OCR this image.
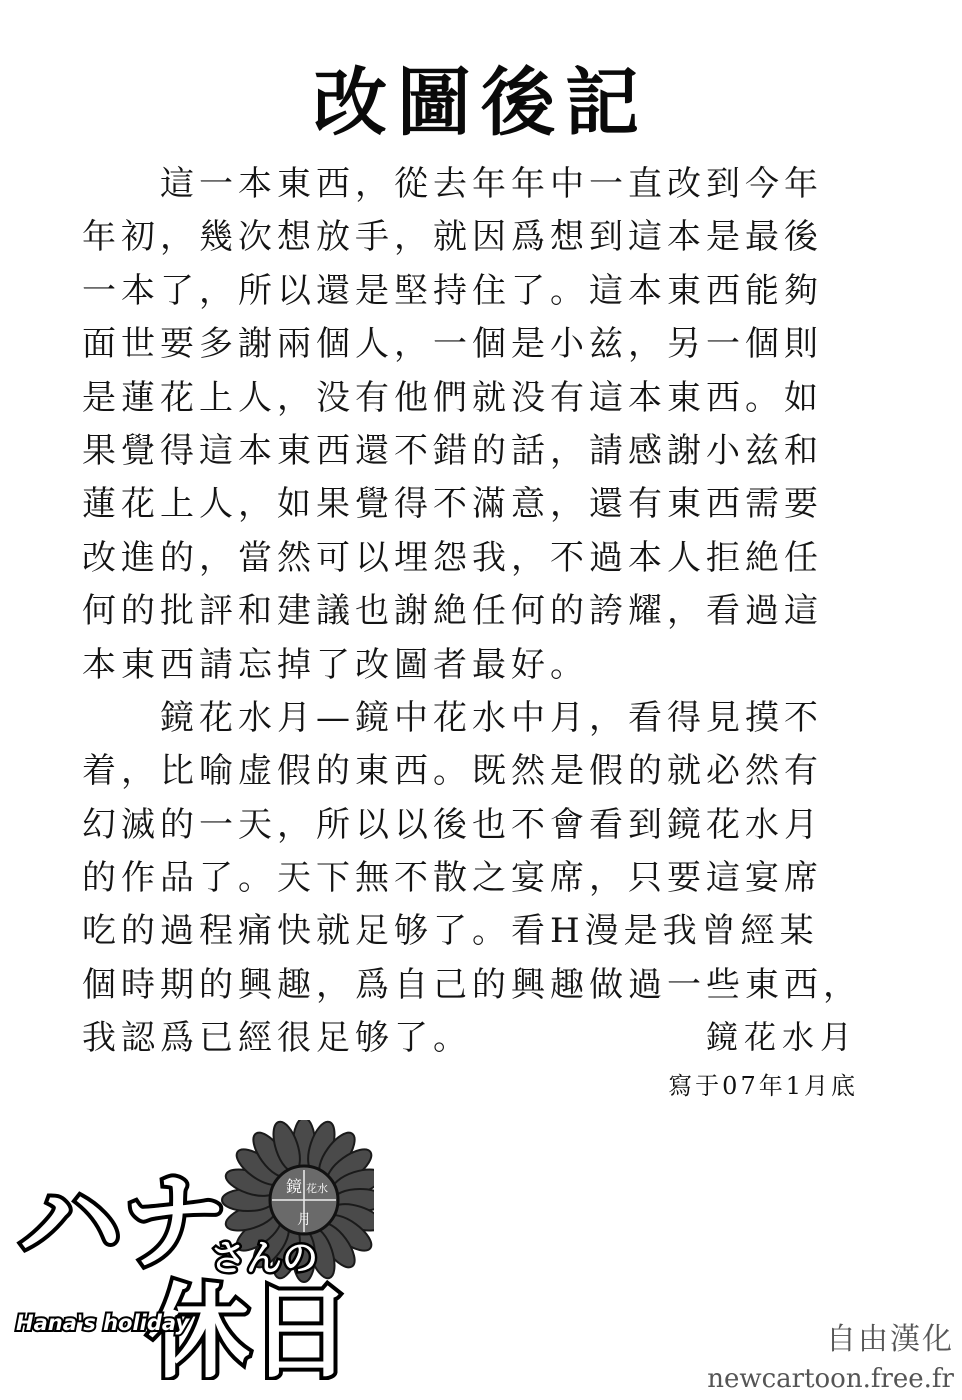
改圖後記
　　這一本東西，從去年年中一直改到今年
年初，幾次想放手，就因爲想到這本是最後
一本了，所以還是堅持住了。這本東西能夠
面世要多謝兩個人，一個是小兹，另一個則
是蓮花上人，没有他們就没有這本東西。如
果覺得這本東西還不錯的話，請感謝小兹和
蓮花上人，如果覺得不滿意，還有東西需要
改進的，當然可以埋怨我，不過本人拒絶任
何的批評和建議也謝絶任何的誇耀，看過這
本東西請忘掉了改圖者最好。
　　鏡花水月—鏡中花水中月，看得見摸不
着，比喻虚假的東西。既然是假的就必然有
幻滅的一天，所以以後也不會看到鏡花水月
的作品了。天下無不散之宴席，只要這宴席
吃的過程痛快就足够了。看H漫是我曾經某
個時期的興趣，爲自己的興趣做過一些東西，
我認爲已經很足够了。	鏡花水月
寫于07年1月底
鏡 花水
月
ハナ
さんの
休日
Hana's holiday	自由漢化
newcartoon.free.fr
